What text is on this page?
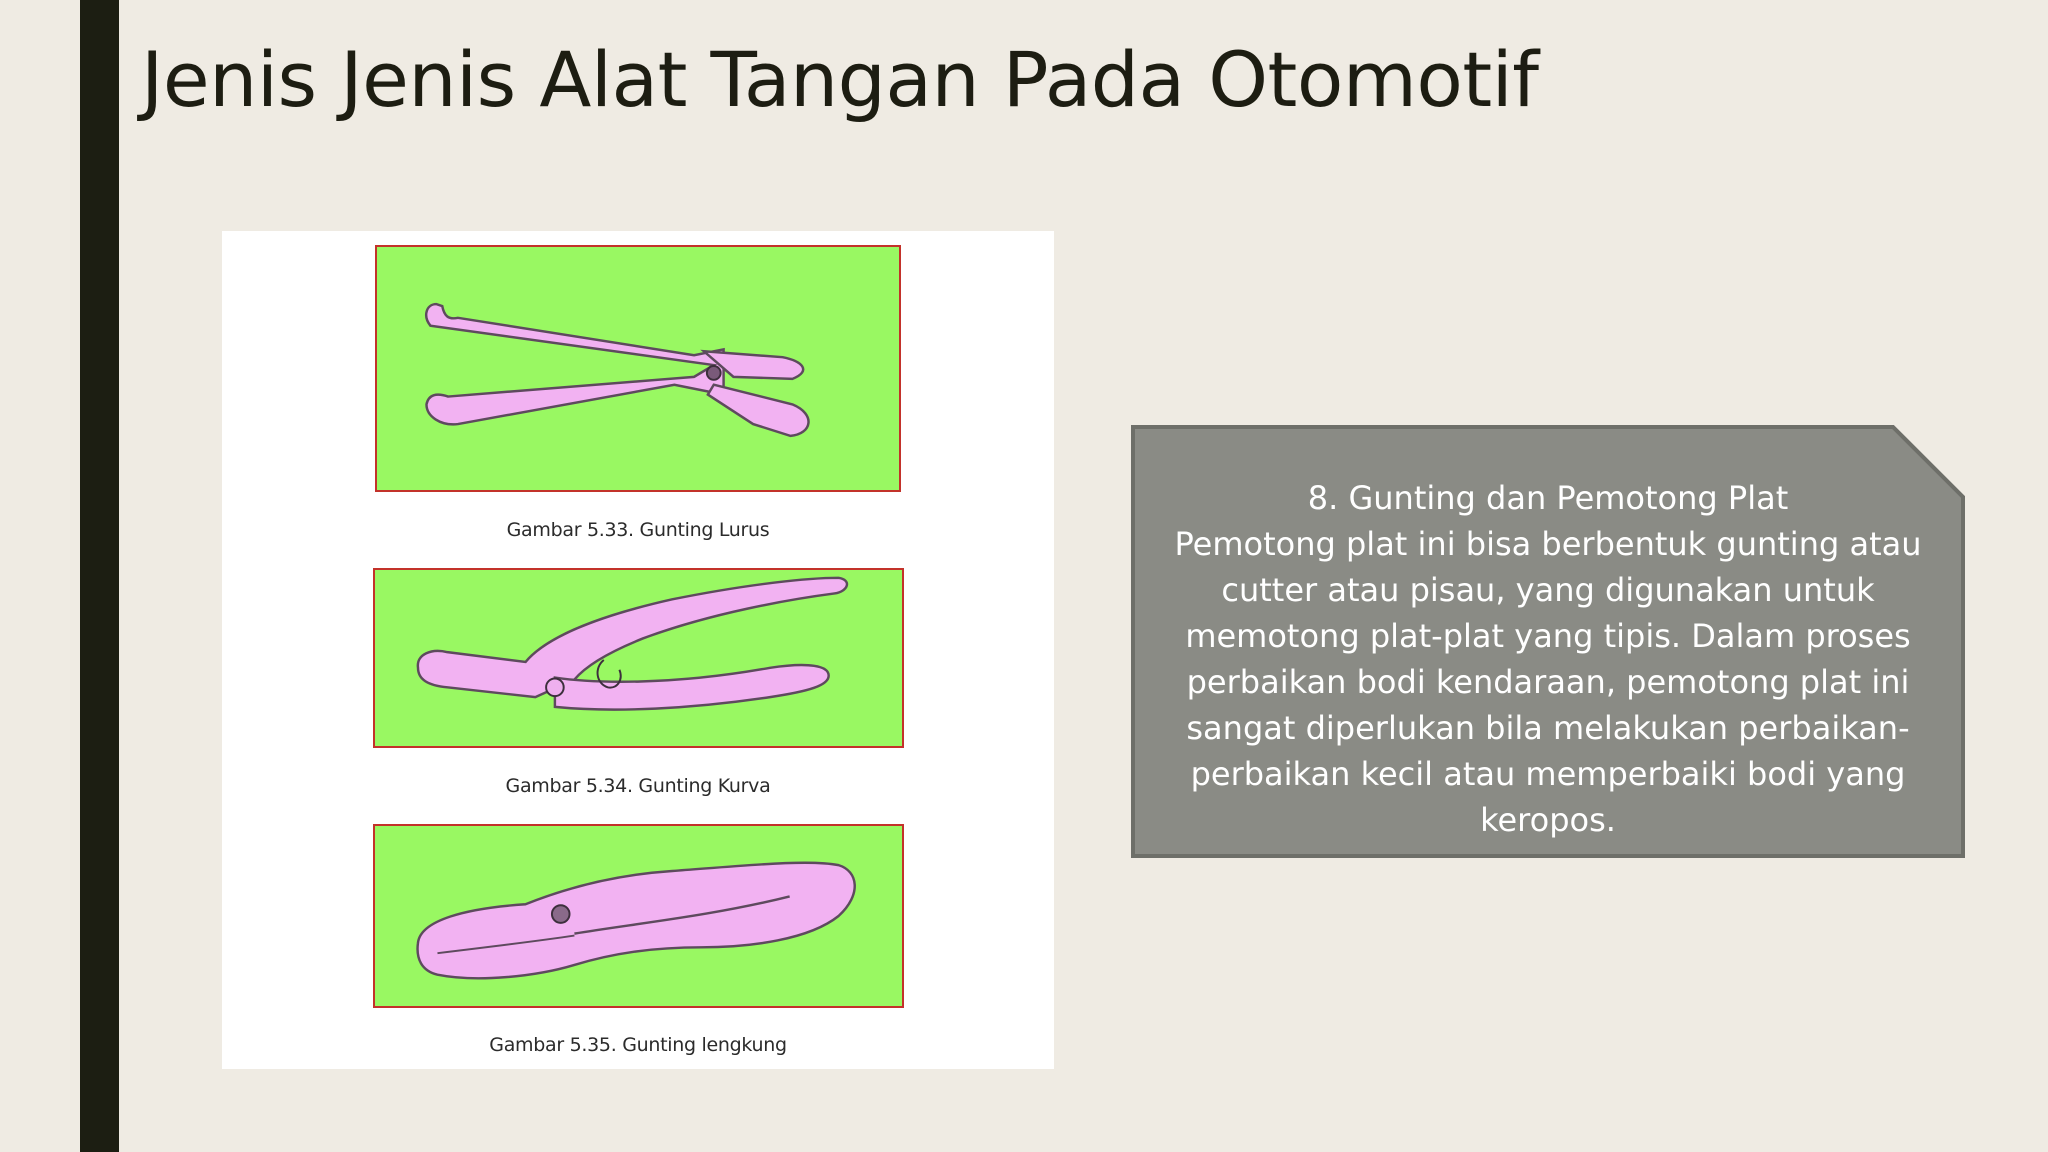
Jenis Jenis Alat Tangan Pada Otomotif
Gambar 5.33. Gunting Lurus
Gambar 5.34. Gunting Kurva
Gambar 5.35. Gunting lengkung
8. Gunting dan Pemotong Plat
Pemotong plat ini bisa berbentuk gunting atau cutter atau pisau, yang digunakan untuk memotong plat-plat yang tipis. Dalam proses perbaikan bodi kendaraan, pemotong plat ini sangat diperlukan bila melakukan perbaikan-perbaikan kecil atau memperbaiki bodi yang keropos.
